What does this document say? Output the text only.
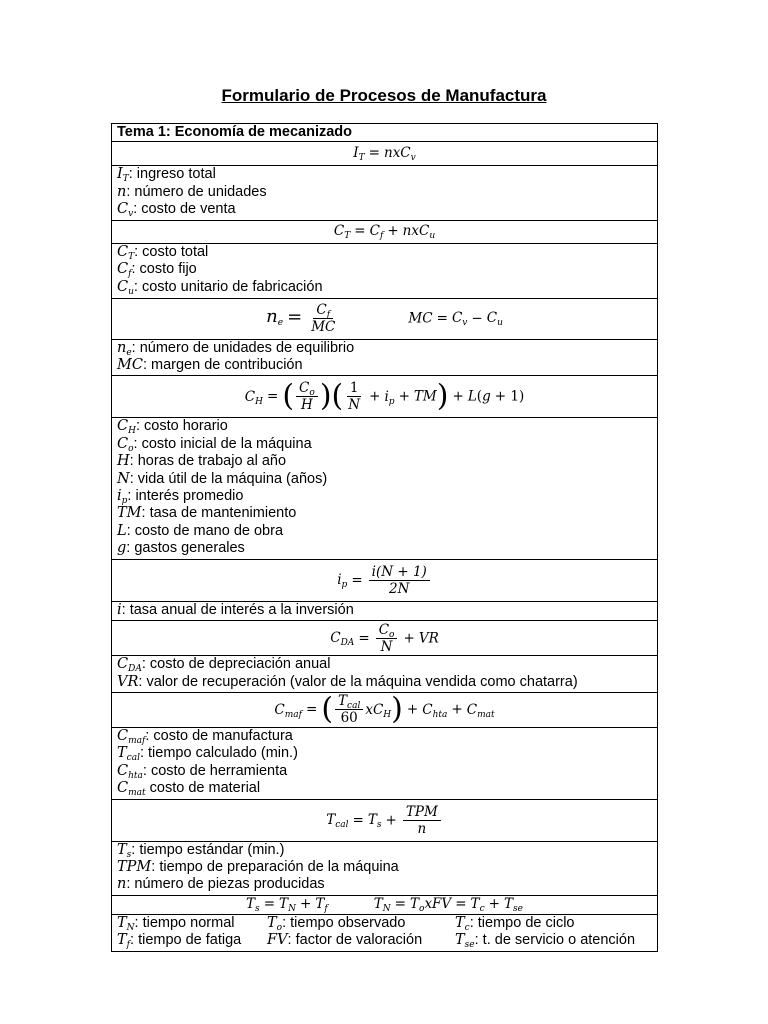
Formulario de Procesos de Manufactura
Tema 1: Economía de mecanizado
$I_T = nxC_v$

$I_T$: ingreso total
n: número de unidades
$C_v$: costo de venta

$C_T = C_f + nxC_u$

$C_T$: costo total
$C_f$: costo fijo
$C_u$: costo unitario de fabricación

$n_e = \frac{C_f}{MC}$	MC = $C_v - C_u$

$n_e$: número de unidades de equilibrio
MC: margen de contribución

$C_H$ = ( $\frac{C_o}{H}$ )( $\frac{1}{N} + i_p + TM) + L(g + 1)$

$C_H$: costo horario
$C_o$: costo inicial de la máquina
H: horas de trabajo al año
N: vida útil de la máquina (años)
$i_p$: interés promedio
TM: tasa de mantenimiento
L: costo de mano de obra
g: gastos generales

$i_p = \frac{i(N + 1)}{2N}$

i: tasa anual de interés a la inversión

$C_{DA} = \frac{C_o}{N}$ + VR

$C_{DA}$: costo de depreciación anual
VR: valor de recuperación (valor de la máquina vendida como chatarra)

$C_{maf}$ = ( $\frac{T_{cal}}{60} xC_H) + C_{hta} + C_{mat}$

$C_{maf}$: costo de manufactura
$T_{cal}$: tiempo calculado (min.)
$C_{hta}$: costo de herramienta
$C_{mat}$ costo de material

$T_{cal} = T_s + \frac{\text{TPM}}{n}$

$T_s$: tiempo estándar (min.)
TPM: tiempo de preparación de la máquina
n: número de piezas producidas

$T_s = T_N + T_f$	$T_N = T_oxFV = T_c + T_{se}$

$T_N$: tiempo normal	$T_o$: tiempo observado	$T_c$: tiempo de ciclo
$T_f$: tiempo de fatiga	FV: factor de valoración	$T_{se}$: t. de servicio o atención
